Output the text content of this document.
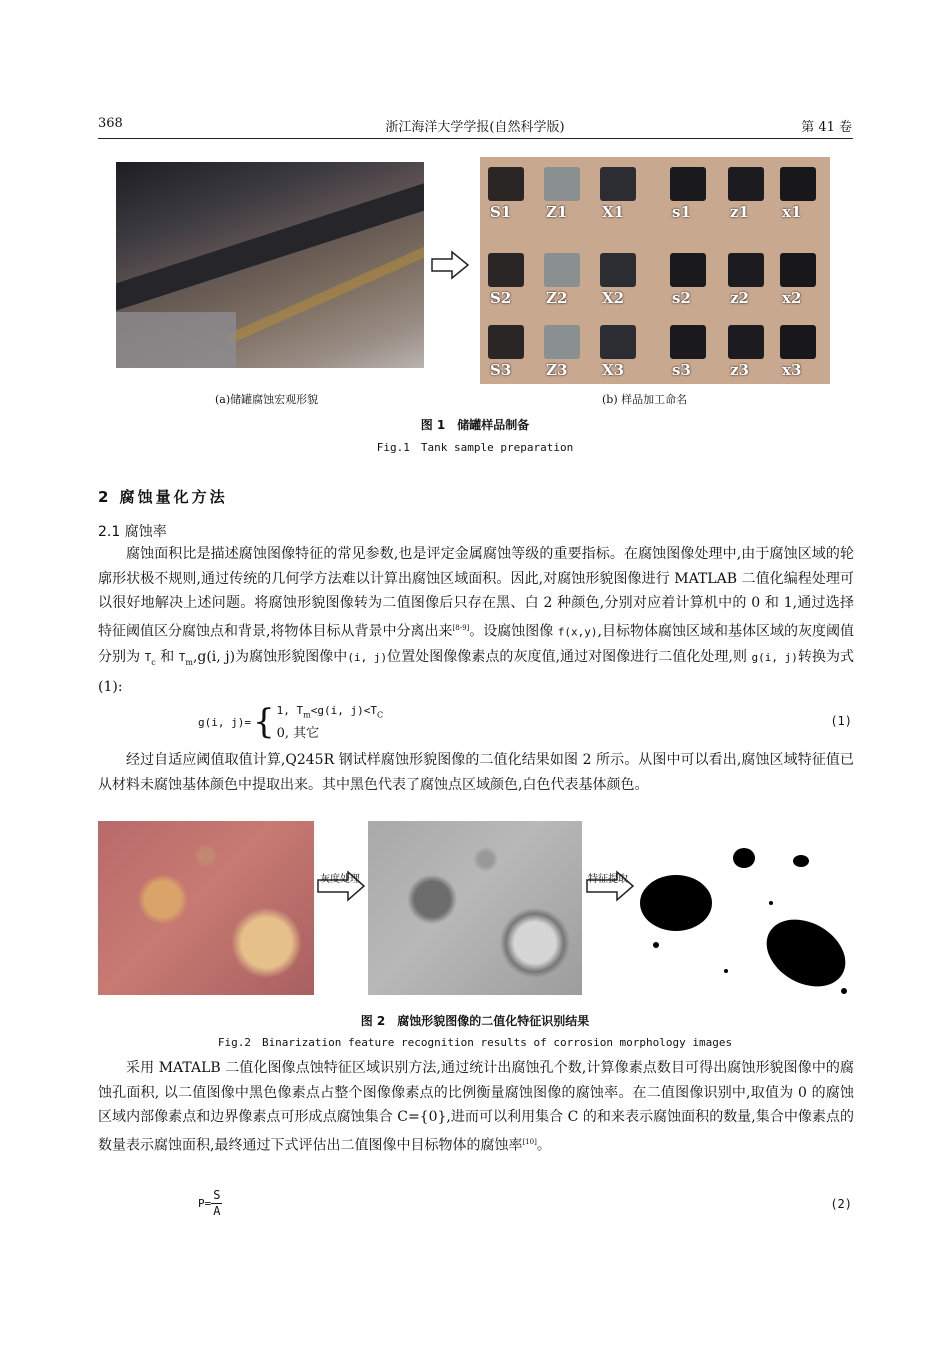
368	浙江海洋大学学报(自然科学版)	第 41 卷
S1 Z1 X1	s1	z1 x1
S2 Z2 X2	s2	z2 x2
S3 Z3 X3	s3	z3 x3
(a)储罐腐蚀宏观形貌	(b) 样品加工命名
图 1　储罐样品制备
Fig.1　Tank sample preparation
2 腐蚀量化方法
2.1 腐蚀率

腐蚀面积比是描述腐蚀图像特征的常见参数,也是评定金属腐蚀等级的重要指标。在腐蚀图像处理中,由于腐蚀区域的轮廓形状极不规则,通过传统的几何学方法难以计算出腐蚀区域面积。因此,对腐蚀形貌图像进行 MATLAB 二值化编程处理可以很好地解决上述问题。将腐蚀形貌图像转为二值图像后只存在黑、白 2 种颜色,分别对应着计算机中的 0 和 1,通过选择特征阈值区分腐蚀点和背景,将物体目标从背景中分离出来[8-9]。设腐蚀图像 f(x,y),目标物体腐蚀区域和基体区域的灰度阈值分别为 $T_c$ 和 $T_m,g(i$, j)为腐蚀形貌图像中(i, j)位置处图像像素点的灰度值,通过对图像进行二值化处理,则 g(i, j)转换为式(1):

g(i, j)= { 1, $T_m<g(i$, $j)<T_C$
0, 其它
(1)

经过自适应阈值取值计算,Q245R 钢试样腐蚀形貌图像的二值化结果如图 2 所示。从图中可以看出,腐蚀区域特征值已从材料未腐蚀基体颜色中提取出来。其中黑色代表了腐蚀点区域颜色,白色代表基体颜色。

灰度处理	特征提取
图 2　腐蚀形貌图像的二值化特征识别结果
Fig.2　Binarization feature recognition results of corrosion morphology images

采用 MATALB 二值化图像点蚀特征区域识别方法,通过统计出腐蚀孔个数,计算像素点数目可得出腐蚀形貌图像中的腐蚀孔面积, 以二值图像中黑色像素点占整个图像像素点的比例衡量腐蚀图像的腐蚀率。在二值图像识别中,取值为 0 的腐蚀区域内部像素点和边界像素点可形成点腐蚀集合 C={0},进而可以利用集合 C 的和来表示腐蚀面积的数量,集合中像素点的数量表示腐蚀面积,最终通过下式评估出二值图像中目标物体的腐蚀率[10]。

$P= \frac{S}{A}$	(2)
